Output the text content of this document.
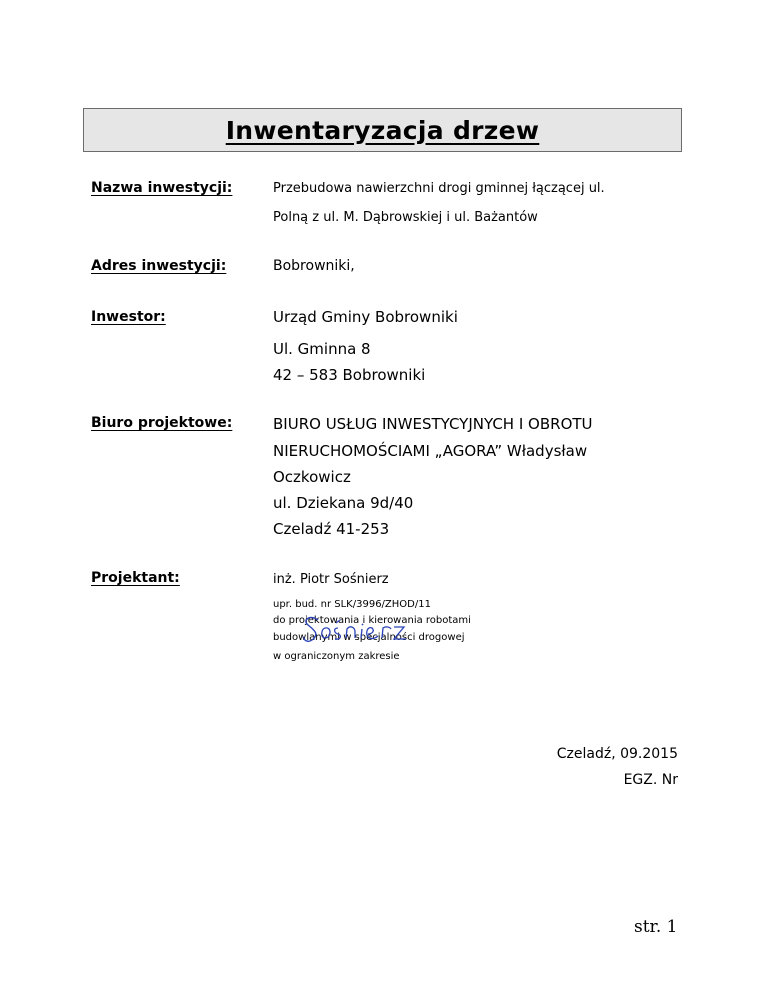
Inwentaryzacja drzew
Nazwa inwestycji:	Przebudowa nawierzchni drogi gminnej łączącej ul.
Polną z ul. M. Dąbrowskiej i ul. Bażantów
Adres inwestycji:	Bobrowniki,
Inwestor:	Urząd Gminy Bobrowniki
Ul. Gminna 8
42 – 583 Bobrowniki
Biuro projektowe:	BIURO USŁUG INWESTYCYJNYCH I OBROTU
NIERUCHOMOŚCIAMI „AGORA” Władysław
Oczkowicz
ul. Dziekana 9d/40
Czeladź 41-253
Projektant:	inż. Piotr Sośnierz
upr. bud. nr SLK/3996/ZHOD/11
do projektowania i kierowania robotami
budowlanymi w specjalności drogowej
w ograniczonym zakresie
Czeladź, 09.2015
EGZ. Nr
str. 1
